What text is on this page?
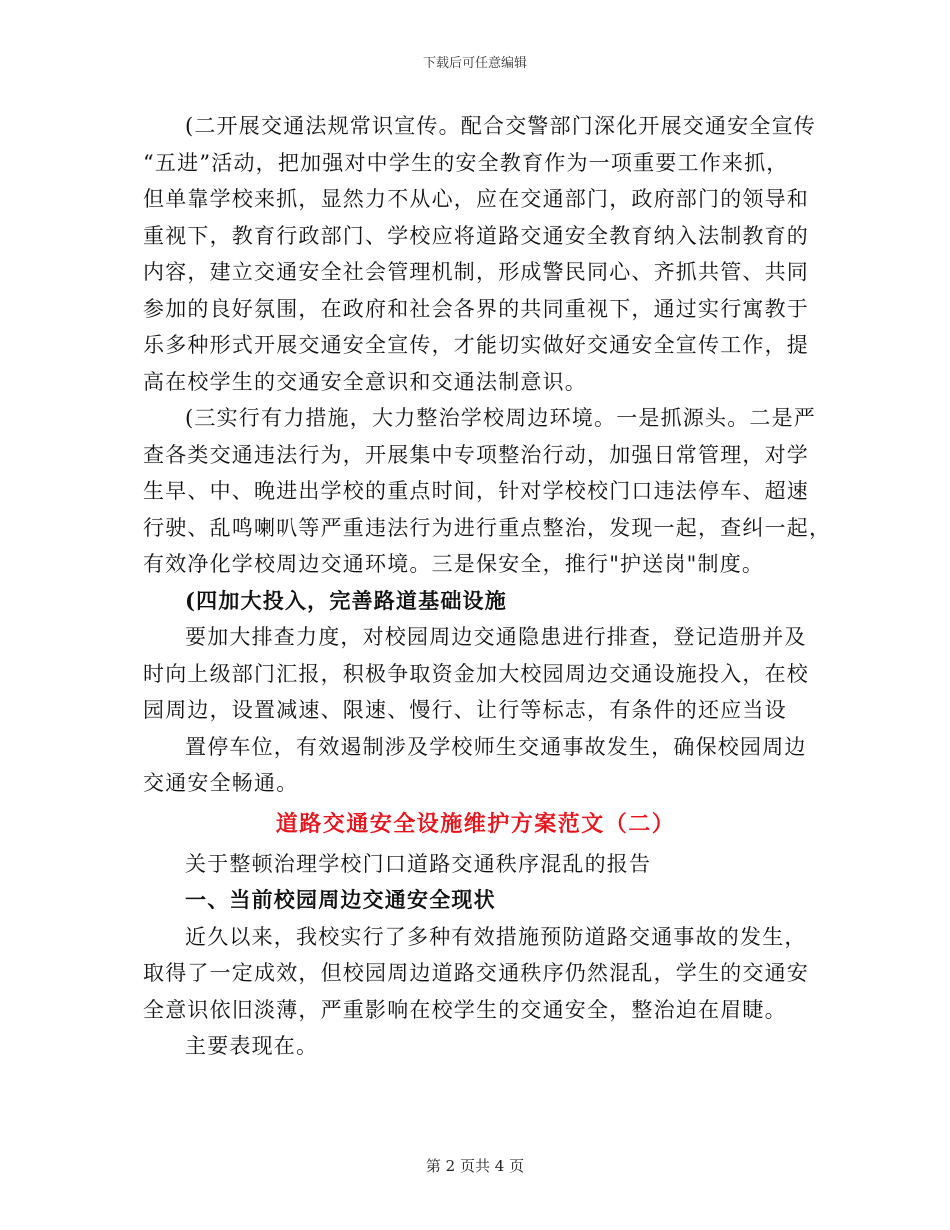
下载后可任意编辑
(二开展交通法规常识宣传。配合交警部门深化开展交通安全宣传
“五进”活动，把加强对中学生的安全教育作为一项重要工作来抓，
但单靠学校来抓，显然力不从心，应在交通部门，政府部门的领导和
重视下，教育行政部门、学校应将道路交通安全教育纳入法制教育的
内容，建立交通安全社会管理机制，形成警民同心、齐抓共管、共同
参加的良好氛围，在政府和社会各界的共同重视下，通过实行寓教于
乐多种形式开展交通安全宣传，才能切实做好交通安全宣传工作，提
高在校学生的交通安全意识和交通法制意识。
(三实行有力措施，大力整治学校周边环境。一是抓源头。二是严
查各类交通违法行为，开展集中专项整治行动，加强日常管理，对学
生早、中、晚进出学校的重点时间，针对学校校门口违法停车、超速
行驶、乱鸣喇叭等严重违法行为进行重点整治，发现一起，查纠一起，
有效净化学校周边交通环境。三是保安全，推行"护送岗"制度。
(四加大投入，完善路道基础设施
要加大排查力度，对校园周边交通隐患进行排查，登记造册并及
时向上级部门汇报，积极争取资金加大校园周边交通设施投入，在校
园周边，设置减速、限速、慢行、让行等标志，有条件的还应当设
置停车位，有效遏制涉及学校师生交通事故发生，确保校园周边
交通安全畅通。
道路交通安全设施维护方案范文（二）
关于整顿治理学校门口道路交通秩序混乱的报告
一、当前校园周边交通安全现状
近久以来，我校实行了多种有效措施预防道路交通事故的发生，
取得了一定成效，但校园周边道路交通秩序仍然混乱，学生的交通安
全意识依旧淡薄，严重影响在校学生的交通安全，整治迫在眉睫。
主要表现在。
第 2 页共 4 页
